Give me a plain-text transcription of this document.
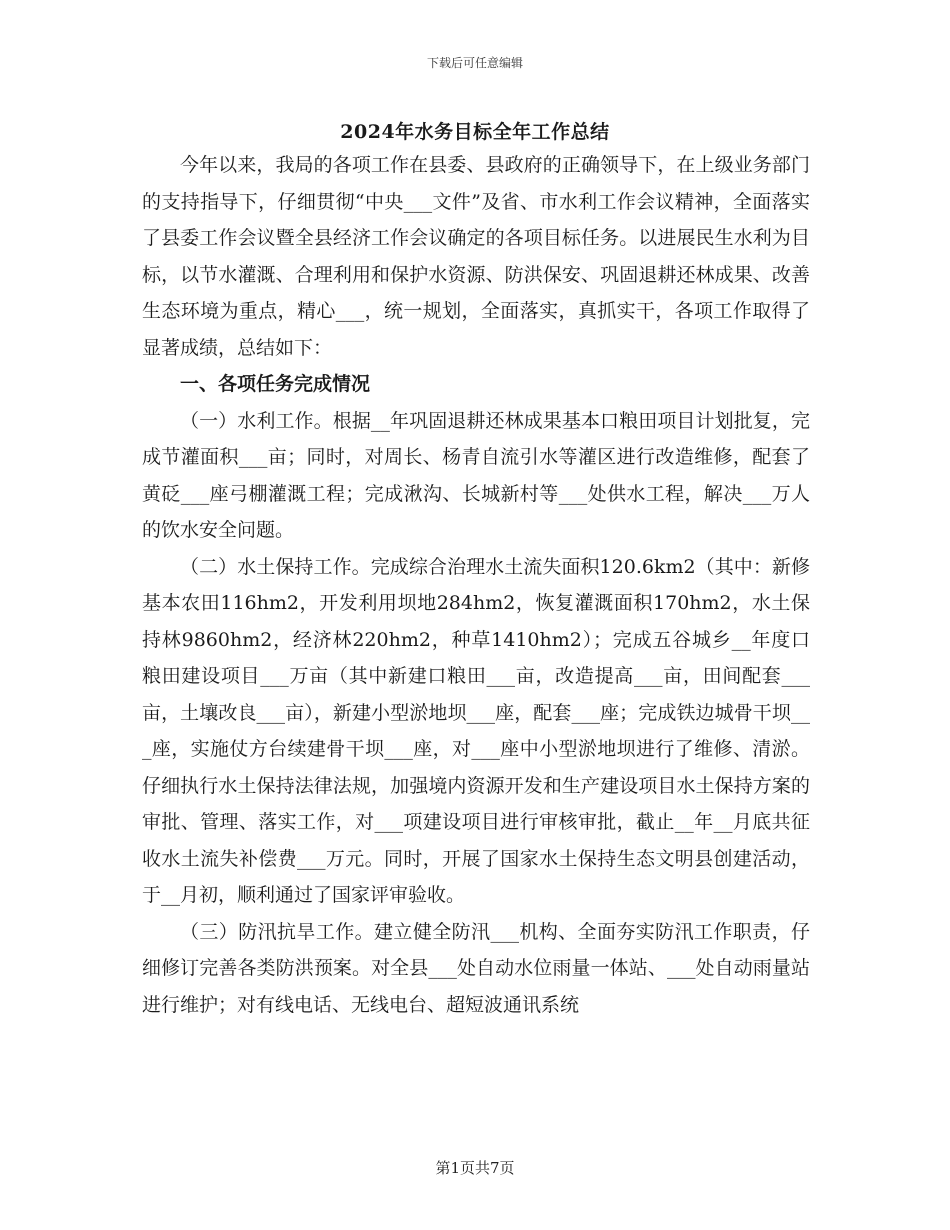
下载后可任意编辑
2024年水务目标全年工作总结

今年以来，我局的各项工作在县委、县政府的正确领导下，在上级业务部门的支持指导下，仔细贯彻“中央___文件”及省、市水利工作会议精神，全面落实了县委工作会议暨全县经济工作会议确定的各项目标任务。以进展民生水利为目标，以节水灌溉、合理利用和保护水资源、防洪保安、巩固退耕还林成果、改善生态环境为重点，精心___，统一规划，全面落实，真抓实干，各项工作取得了显著成绩，总结如下：

一、各项任务完成情况

（一）水利工作。根据__年巩固退耕还林成果基本口粮田项目计划批复，完成节灌面积___亩；同时，对周长、杨青自流引水等灌区进行改造维修，配套了黄砭___座弓棚灌溉工程；完成湫沟、长城新村等___处供水工程，解决___万人的饮水安全问题。

（二）水土保持工作。完成综合治理水土流失面积120.6km2（其中：新修基本农田116hm2，开发利用坝地284hm2，恢复灌溉面积170hm2，水土保持林9860hm2，经济林220hm2，种草1410hm2）；完成五谷城乡__年度口粮田建设项目___万亩（其中新建口粮田___亩，改造提高___亩，田间配套___亩，土壤改良___亩），新建小型淤地坝___座，配套___座；完成铁边城骨干坝___座，实施仗方台续建骨干坝___座，对___座中小型淤地坝进行了维修、清淤。仔细执行水土保持法律法规，加强境内资源开发和生产建设项目水土保持方案的审批、管理、落实工作，对___项建设项目进行审核审批，截止__年__月底共征收水土流失补偿费___万元。同时，开展了国家水土保持生态文明县创建活动，于__月初，顺利通过了国家评审验收。

（三）防汛抗旱工作。建立健全防汛___机构、全面夯实防汛工作职责，仔细修订完善各类防洪预案。对全县___处自动水位雨量一体站、___处自动雨量站进行维护；对有线电话、无线电台、超短波通讯系统

第1页共7页
